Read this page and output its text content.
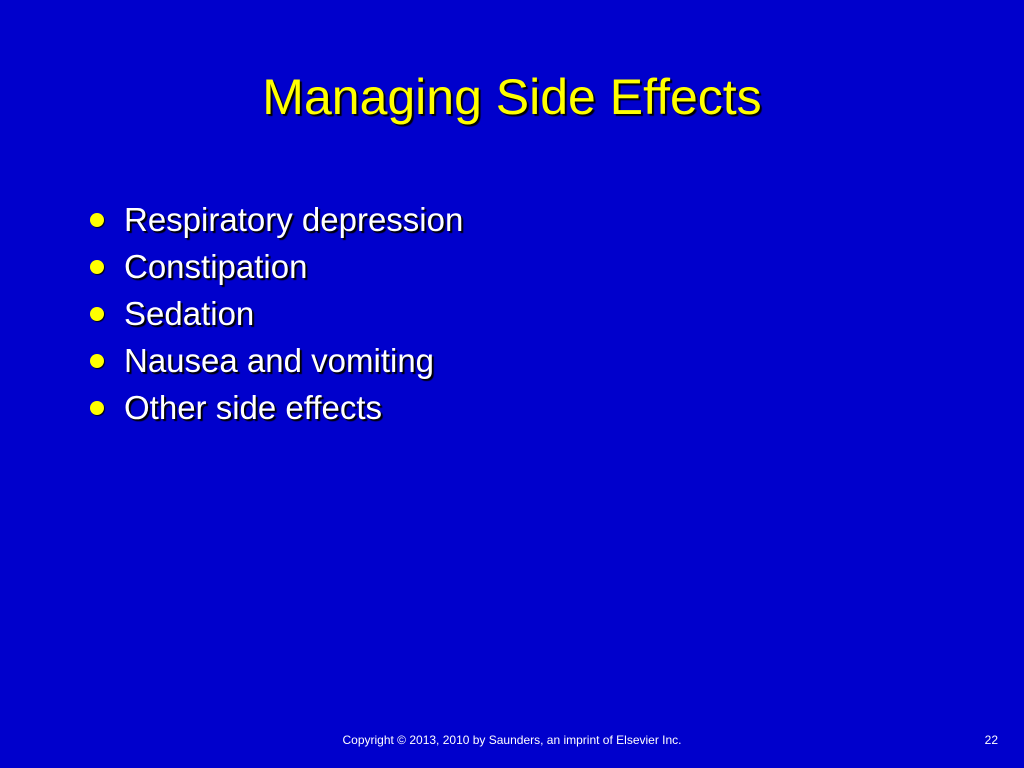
Managing Side Effects
Respiratory depression
Constipation
Sedation
Nausea and vomiting
Other side effects
Copyright © 2013, 2010 by Saunders, an imprint of Elsevier Inc.	22
